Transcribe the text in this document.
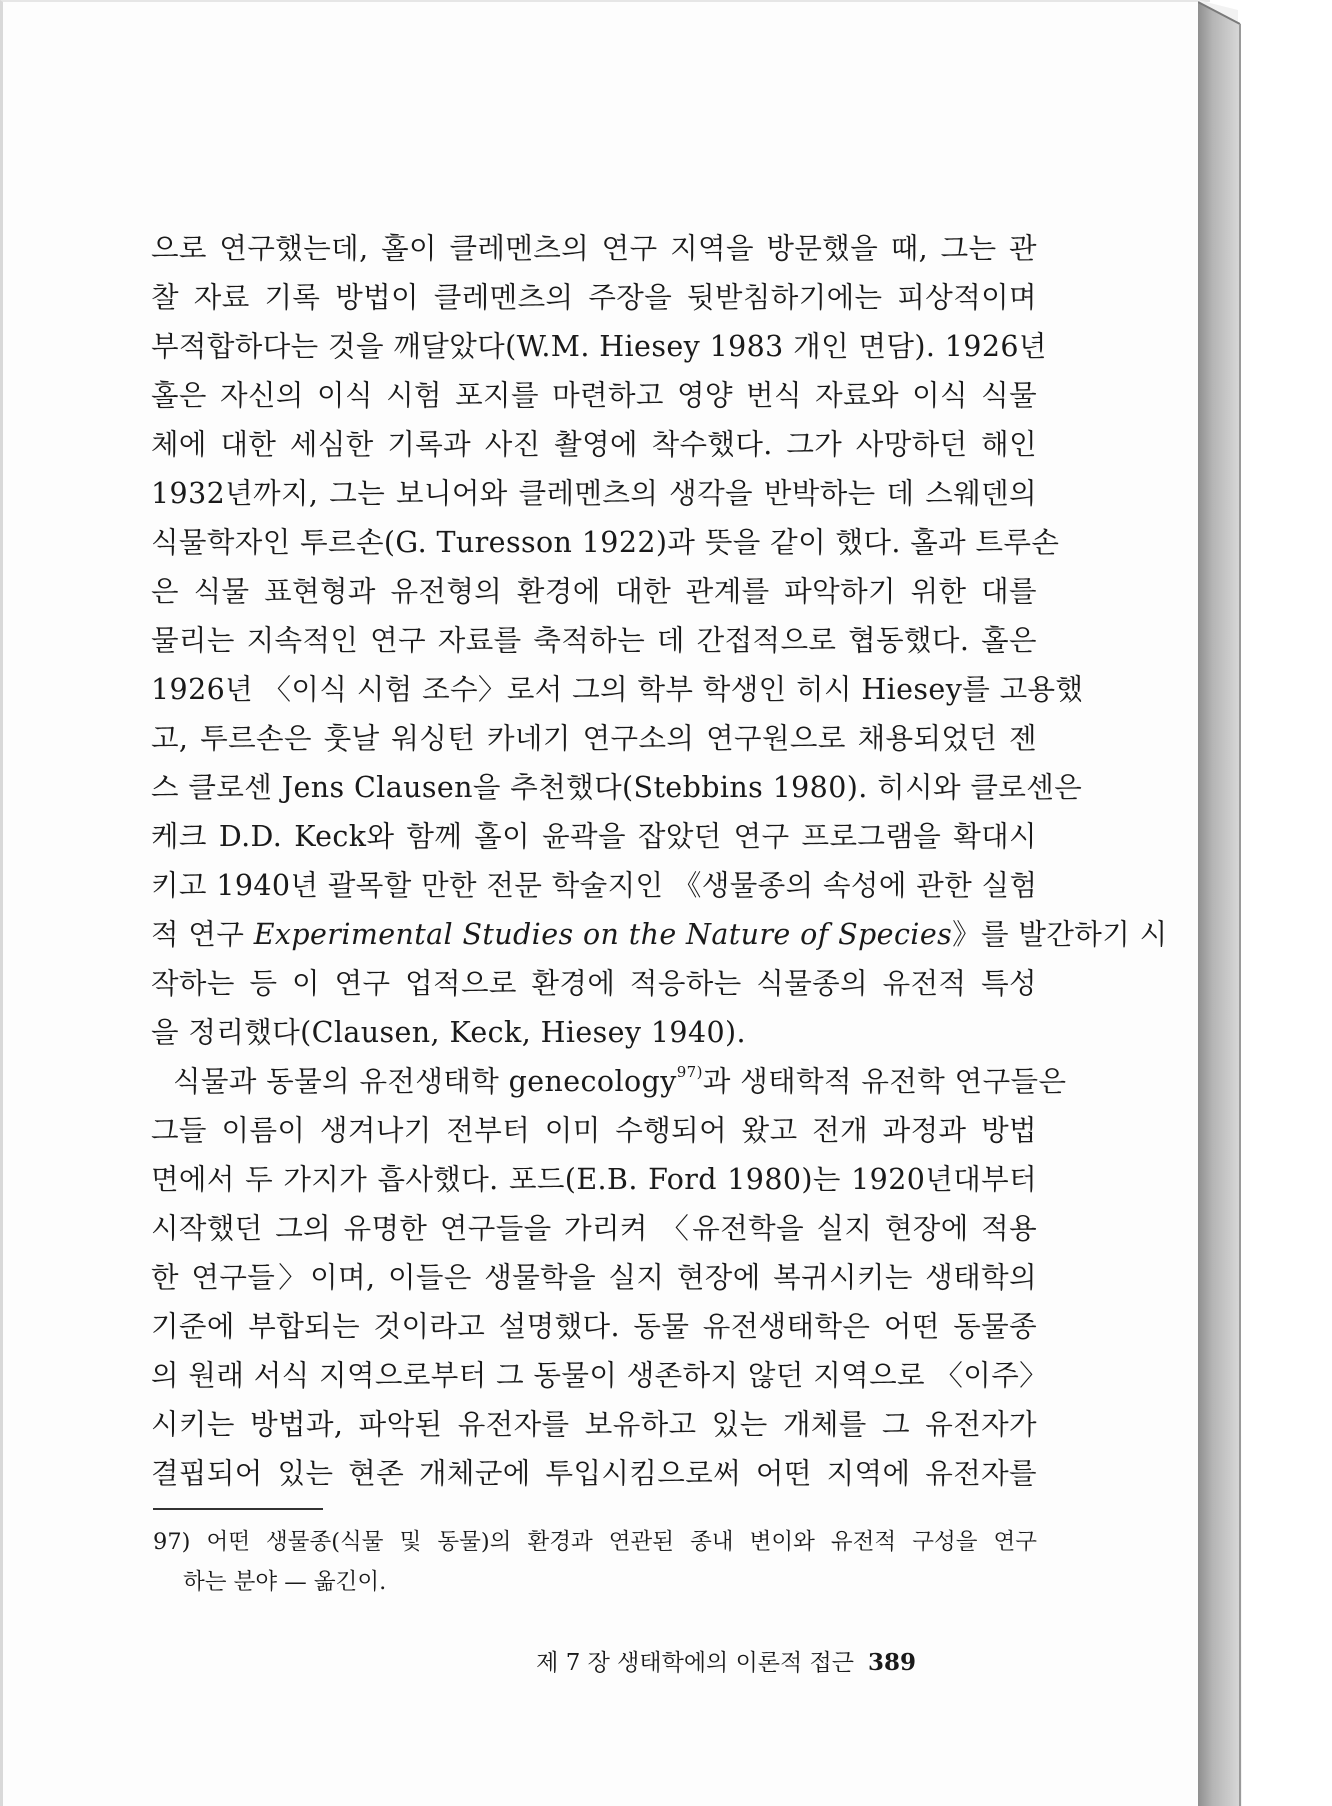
으로 연구했는데, 홀이 클레멘츠의 연구 지역을 방문했을 때, 그는 관
찰 자료 기록 방법이 클레멘츠의 주장을 뒷받침하기에는 피상적이며
부적합하다는 것을 깨달았다(W.M. Hiesey 1983 개인 면담). 1926년
홀은 자신의 이식 시험 포지를 마련하고 영양 번식 자료와 이식 식물
체에 대한 세심한 기록과 사진 촬영에 착수했다. 그가 사망하던 해인
1932년까지, 그는 보니어와 클레멘츠의 생각을 반박하는 데 스웨덴의
식물학자인 투르손(G. Turesson 1922)과 뜻을 같이 했다. 홀과 트루손
은 식물 표현형과 유전형의 환경에 대한 관계를 파악하기 위한 대를
물리는 지속적인 연구 자료를 축적하는 데 간접적으로 협동했다. 홀은
1926년 〈이식 시험 조수〉로서 그의 학부 학생인 히시 Hiesey를 고용했
고, 투르손은 훗날 워싱턴 카네기 연구소의 연구원으로 채용되었던 젠
스 클로센 Jens Clausen을 추천했다(Stebbins 1980). 히시와 클로센은
케크 D.D. Keck와 함께 홀이 윤곽을 잡았던 연구 프로그램을 확대시
키고 1940년 괄목할 만한 전문 학술지인 《생물종의 속성에 관한 실험
적 연구 Experimental Studies on the Nature of Species》를 발간하기 시
작하는 등 이 연구 업적으로 환경에 적응하는 식물종의 유전적 특성
을 정리했다(Clausen, Keck, Hiesey 1940).
식물과 동물의 유전생태학 genecology$^{97)}$과 생태학적 유전학 연구들은
그들 이름이 생겨나기 전부터 이미 수행되어 왔고 전개 과정과 방법
면에서 두 가지가 흡사했다. 포드(E.B. Ford 1980)는 1920년대부터
시작했던 그의 유명한 연구들을 가리켜 〈유전학을 실지 현장에 적용
한 연구들〉이며, 이들은 생물학을 실지 현장에 복귀시키는 생태학의
기준에 부합되는 것이라고 설명했다. 동물 유전생태학은 어떤 동물종
의 원래 서식 지역으로부터 그 동물이 생존하지 않던 지역으로 〈이주〉
시키는 방법과, 파악된 유전자를 보유하고 있는 개체를 그 유전자가
결핍되어 있는 현존 개체군에 투입시킴으로써 어떤 지역에 유전자를
97) 어떤 생물종(식물 및 동물)의 환경과 연관된 종내 변이와 유전적 구성을 연구
하는 분야 — 옮긴이.
제 7 장 생태학에의 이론적 접근 389
